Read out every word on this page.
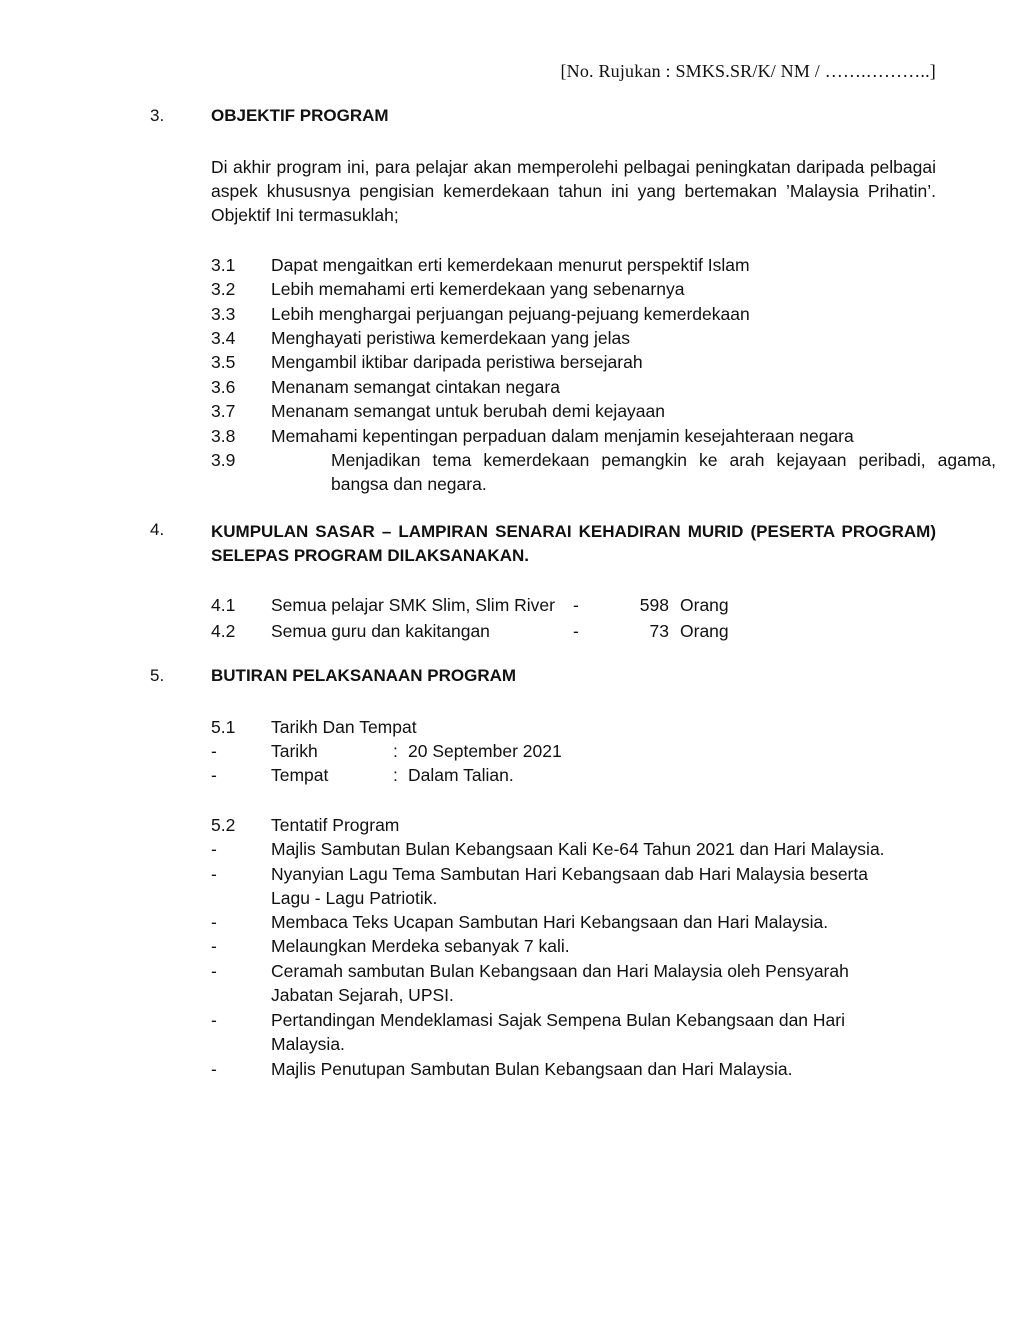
[No. Rujukan : SMKS.SR/K/ NM / …….………..]
3.	OBJEKTIF PROGRAM
Di akhir program ini, para pelajar akan memperolehi pelbagai peningkatan daripada pelbagai aspek khususnya pengisian kemerdekaan tahun ini yang bertemakan ’Malaysia Prihatin’. Objektif Ini termasuklah;
3.1 Dapat mengaitkan erti kemerdekaan menurut perspektif Islam
3.2 Lebih memahami erti kemerdekaan yang sebenarnya
3.3 Lebih menghargai perjuangan pejuang-pejuang kemerdekaan
3.4 Menghayati peristiwa kemerdekaan yang jelas
3.5 Mengambil iktibar daripada peristiwa bersejarah
3.6 Menanam semangat cintakan negara
3.7 Menanam semangat untuk berubah demi kejayaan
3.8 Memahami kepentingan perpaduan dalam menjamin kesejahteraan negara
3.9	Menjadikan tema kemerdekaan pemangkin ke arah kejayaan peribadi, agama, bangsa dan negara.
4.	KUMPULAN SASAR – LAMPIRAN SENARAI KEHADIRAN MURID (PESERTA PROGRAM) SELEPAS PROGRAM DILAKSANAKAN.
4.1 Semua pelajar SMK Slim, Slim River -	598 Orang
4.2 Semua guru dan kakitangan	-	73 Orang
5.	BUTIRAN PELAKSANAAN PROGRAM
5.1 Tarikh Dan Tempat
-	Tarikh	: 20 September 2021
-	Tempat	: Dalam Talian.
5.2 Tentatif Program
-	Majlis Sambutan Bulan Kebangsaan Kali Ke-64 Tahun 2021 dan Hari Malaysia.
-	Nyanyian Lagu Tema Sambutan Hari Kebangsaan dab Hari Malaysia beserta Lagu - Lagu Patriotik.
-	Membaca Teks Ucapan Sambutan Hari Kebangsaan dan Hari Malaysia.
-	Melaungkan Merdeka sebanyak 7 kali.
-	Ceramah sambutan Bulan Kebangsaan dan Hari Malaysia oleh Pensyarah Jabatan Sejarah, UPSI.
-	Pertandingan Mendeklamasi Sajak Sempena Bulan Kebangsaan dan Hari Malaysia.
-	Majlis Penutupan Sambutan Bulan Kebangsaan dan Hari Malaysia.
